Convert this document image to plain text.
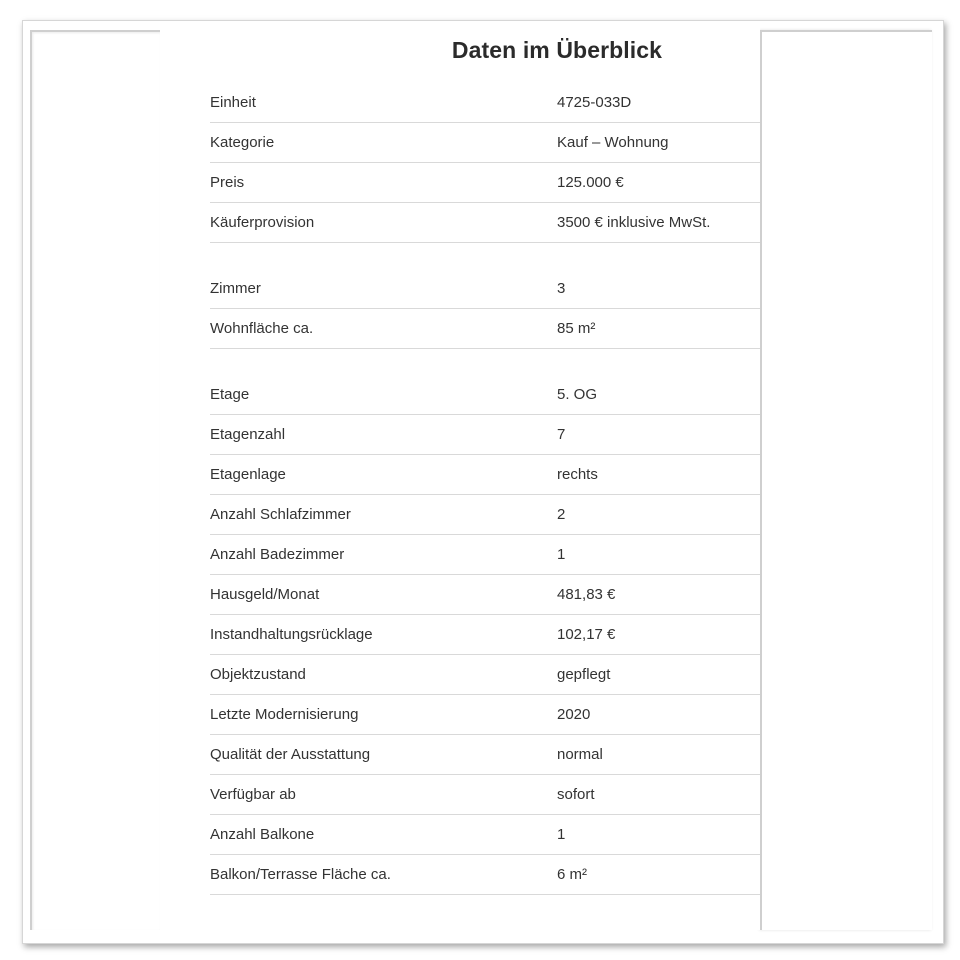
Daten im Überblick
Einheit	4725-033D
Kategorie	Kauf – Wohnung
Preis	125.000 €
Käuferprovision	3500 € inklusive MwSt.
Zimmer	3
Wohnfläche ca.	85 m²
Etage	5. OG
Etagenzahl	7
Etagenlage	rechts
Anzahl Schlafzimmer	2
Anzahl Badezimmer	1
Hausgeld/Monat	481,83 €
Instandhaltungsrücklage	102,17 €
Objektzustand	gepflegt
Letzte Modernisierung	2020
Qualität der Ausstattung	normal
Verfügbar ab	sofort
Anzahl Balkone	1
Balkon/Terrasse Fläche ca.	6 m²
